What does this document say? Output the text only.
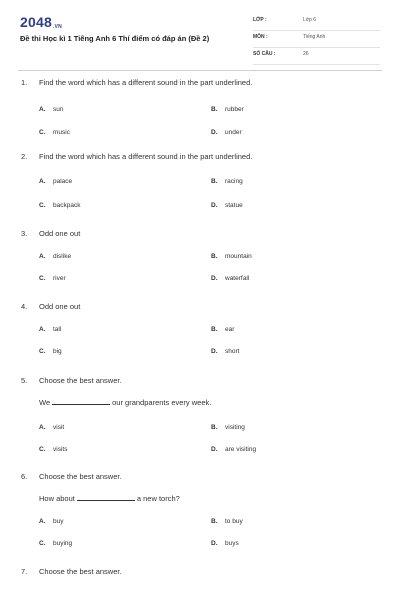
2048.VN
Đề thi Học kì 1 Tiếng Anh 6 Thí điểm có đáp án (Đề 2)
LỚP :	Lớp 6
MÔN :	Tiếng Anh
SỐ CÂU :	26
1. Find the word which has a different sound in the part underlined.
A. sun	B. rubber
C. music	D. under
2. Find the word which has a different sound in the part underlined.
A. palace	B. racing
C. backpack	D. statue
3. Odd one out
A. dislike	B. mountain
C. river	D. waterfall
4. Odd one out
A. tall	B. ear
C. big	D. short
5. Choose the best answer.
We	our grandparents every week.
A. visit	B. visiting
C. visits	D. are visiting
6. Choose the best answer.
How about	a new torch?
A. buy	B. to buy
C. buying	D. buys
7. Choose the best answer.
